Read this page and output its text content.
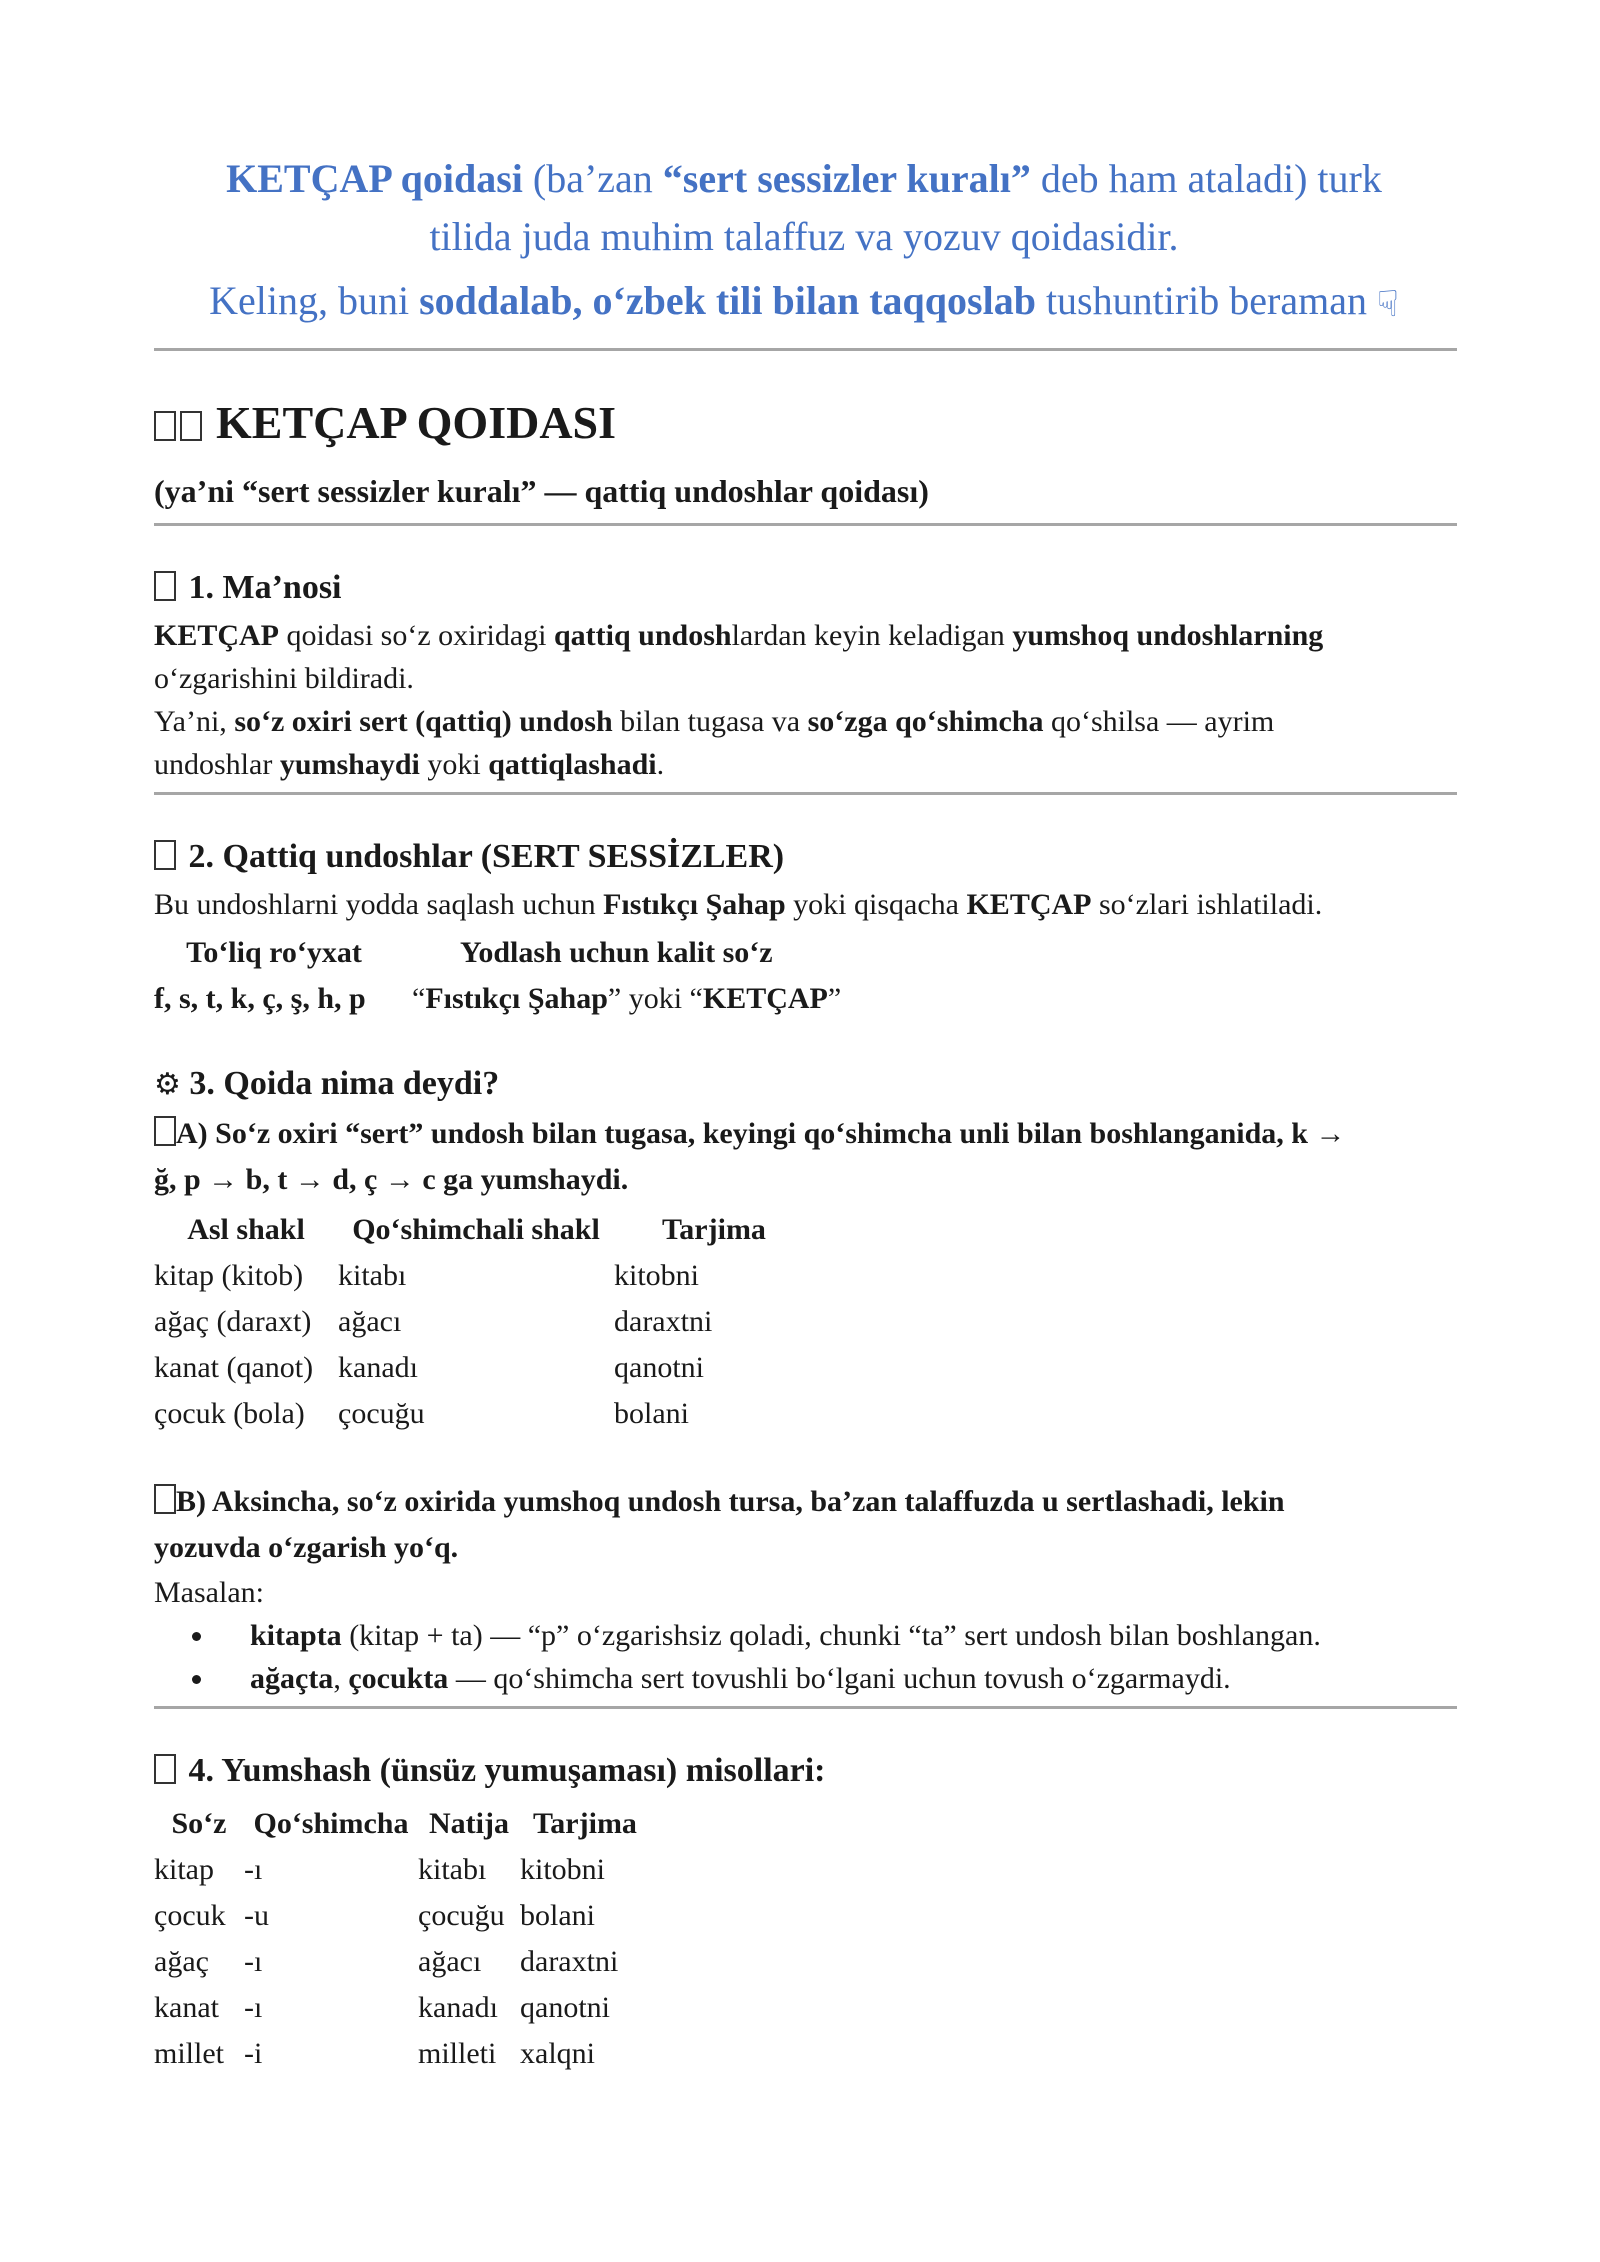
KETÇAP qoidasi (ba’zan “sert sessizler kuralı” deb ham ataladi) turk
tilida juda muhim talaffuz va yozuv qoidasidir.
Keling, buni soddalab, o‘zbek tili bilan taqqoslab tushuntirib beraman ☟
KETÇAP QOIDASI
(ya’ni “sert sessizler kuralı” — qattiq undoshlar qoidası)
1. Ma’nosi

KETÇAP qoidasi so‘z oxiridagi qattiq undoshlardan keyin keladigan yumshoq undoshlarning

o‘zgarishini bildiradi.

Ya’ni, so‘z oxiri sert (qattiq) undosh bilan tugasa va so‘zga qo‘shimcha qo‘shilsa — ayrim

undoshlar yumshaydi yoki qattiqlashadi.

2. Qattiq undoshlar (SERT SESSİZLER)

Bu undoshlarni yodda saqlash uchun Fıstıkçı Şahap yoki qisqacha KETÇAP so‘zlari ishlatiladi.

To‘liq ro‘yxat	Yodlash uchun kalit so‘z
f, s, t, k, ç, ş, h, p	“Fıstıkçı Şahap” yoki “KETÇAP”
⚙ 3. Qoida nima deydi?
A) So‘z oxiri “sert” undosh bilan tugasa, keyingi qo‘shimcha unli bilan boshlanganida, k →
ğ, p → b, t → d, ç → c ga yumshaydi.
Asl shakl	Qo‘shimchali shakl	Tarjima
kitap (kitob)	kitabı	kitobni
ağaç (daraxt) ağacı	daraxtni
kanat (qanot) kanadı	qanotni
çocuk (bola)	çocuğu	bolani
B) Aksincha, so‘z oxirida yumshoq undosh tursa, ba’zan talaffuzda u sertlashadi, lekin
yozuvda o‘zgarish yo‘q.

Masalan:

• kitapta (kitap + ta) — “p” o‘zgarishsiz qoladi, chunki “ta” sert undosh bilan boshlangan.
• ağaçta, çocukta — qo‘shimcha sert tovushli bo‘lgani uchun tovush o‘zgarmaydi.
4. Yumshash (ünsüz yumuşaması) misollari:
So‘z Qo‘shimcha Natija Tarjima
kitap	-ı	kitabı	kitobni
çocuk -u	çocuğu bolani
ağaç	-ı	ağacı	daraxtni
kanat -ı	kanadı qanotni
millet -i	milleti xalqni
